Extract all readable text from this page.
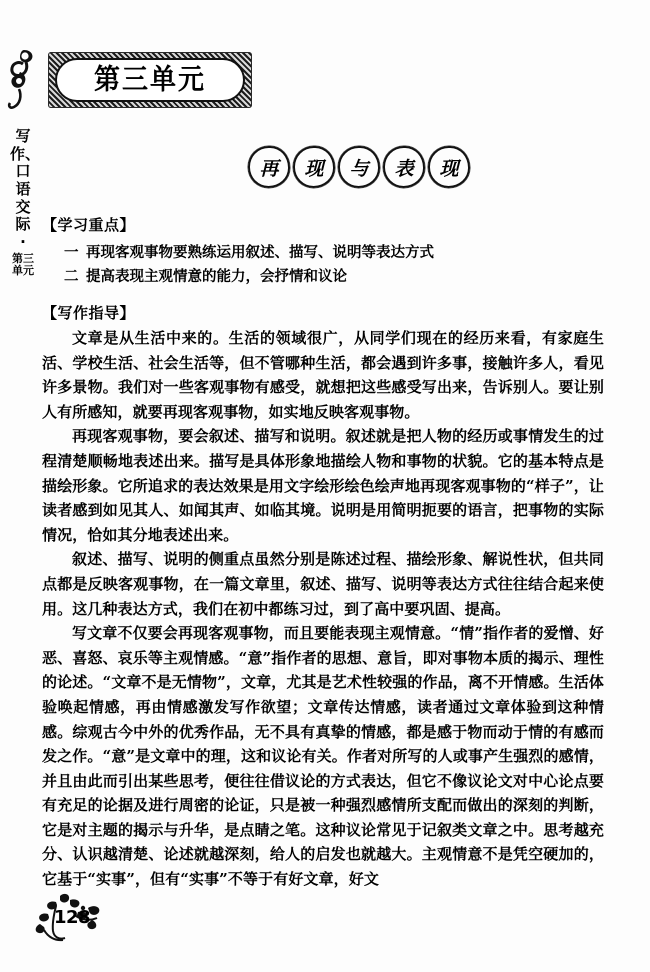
第三单元
写作、口语交际
·
第三单元
再	现	与	表	现
【学习重点】
一 再现客观事物要熟练运用叙述、描写、说明等表达方式
二 提高表现主观情意的能力，会抒情和议论
【写作指导】

文章是从生活中来的。生活的领域很广，从同学们现在的经历来看，有家庭生活、学校生活、社会生活等，但不管哪种生活，都会遇到许多事，接触许多人，看见许多景物。我们对一些客观事物有感受，就想把这些感受写出来，告诉别人。要让别人有所感知，就要再现客观事物，如实地反映客观事物。

再现客观事物，要会叙述、描写和说明。叙述就是把人物的经历或事情发生的过程清楚顺畅地表述出来。描写是具体形象地描绘人物和事物的状貌。它的基本特点是描绘形象。它所追求的表达效果是用文字绘形绘色绘声地再现客观事物的“样子”，让读者感到如见其人、如闻其声、如临其境。说明是用简明扼要的语言，把事物的实际情况，恰如其分地表述出来。

叙述、描写、说明的侧重点虽然分别是陈述过程、描绘形象、解说性状，但共同点都是反映客观事物，在一篇文章里，叙述、描写、说明等表达方式往往结合起来使用。这几种表达方式，我们在初中都练习过，到了高中要巩固、提高。

写文章不仅要会再现客观事物，而且要能表现主观情意。“情”指作者的爱憎、好恶、喜怒、哀乐等主观情感。“意”指作者的思想、意旨，即对事物本质的揭示、理性的论述。“文章不是无情物”，文章，尤其是艺术性较强的作品，离不开情感。生活体验唤起情感，再由情感激发写作欲望；文章传达情感，读者通过文章体验到这种情感。综观古今中外的优秀作品，无不具有真挚的情感，都是感于物而动于情的有感而发之作。“意”是文章中的理，这和议论有关。作者对所写的人或事产生强烈的感情，并且由此而引出某些思考，便往往借议论的方式表达，但它不像议论文对中心论点要有充足的论据及进行周密的论证，只是被一种强烈感情所支配而做出的深刻的判断，它是对主题的揭示与升华，是点睛之笔。这种议论常见于记叙类文章之中。思考越充分、认识越清楚、论述就越深刻，给人的启发也就越大。主观情意不是凭空硬加的，它基于“实事”，但有“实事”不等于有好文章，好文

128
